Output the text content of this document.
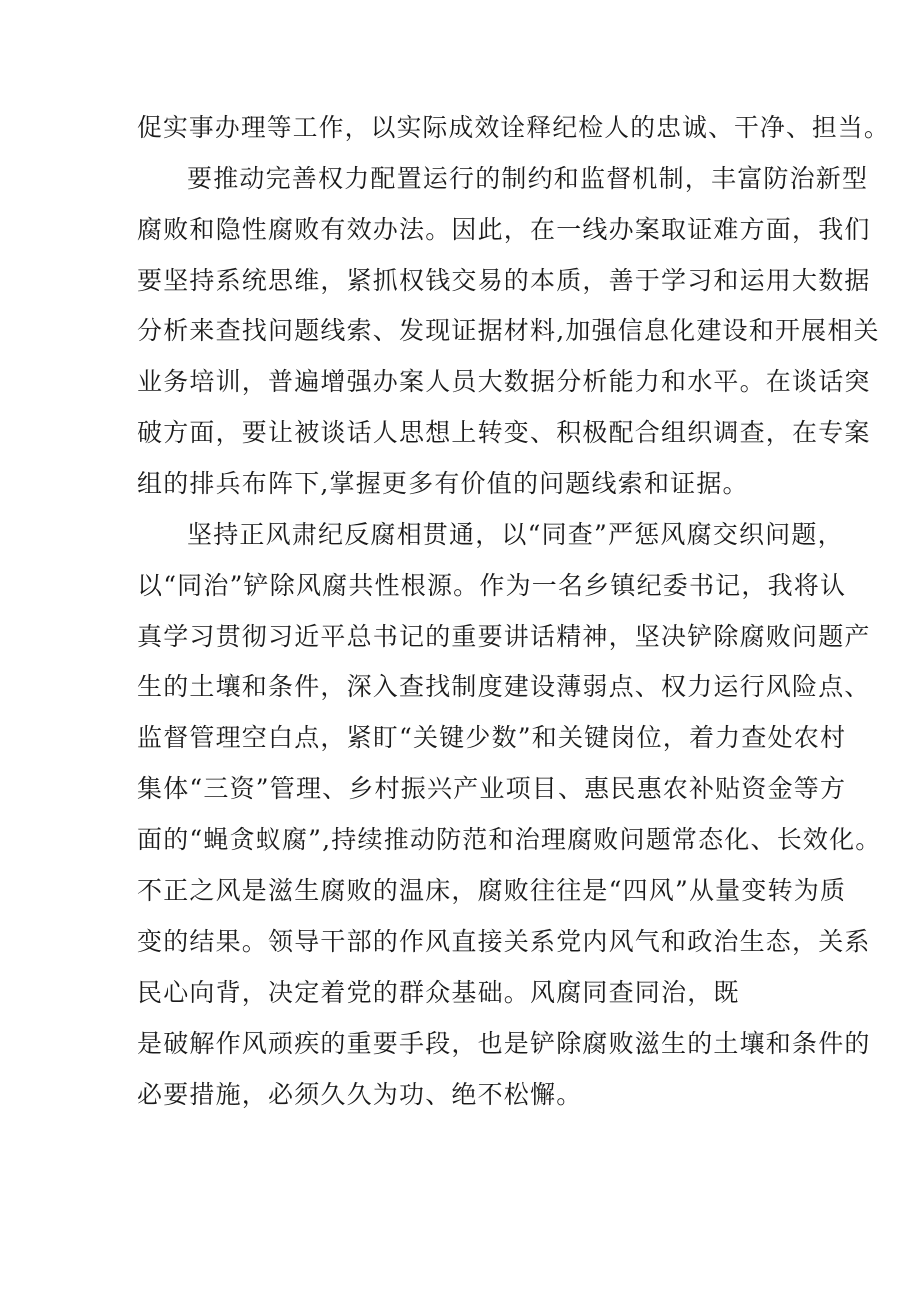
促实事办理等工作，以实际成效诠释纪检人的忠诚、干净、担当。
要推动完善权力配置运行的制约和监督机制，丰富防治新型
腐败和隐性腐败有效办法。因此，在一线办案取证难方面，我们
要坚持系统思维，紧抓权钱交易的本质，善于学习和运用大数据
分析来查找问题线索、发现证据材料,加强信息化建设和开展相关
业务培训，普遍增强办案人员大数据分析能力和水平。在谈话突
破方面，要让被谈话人思想上转变、积极配合组织调查，在专案
组的排兵布阵下,掌握更多有价值的问题线索和证据。
坚持正风肃纪反腐相贯通，以“同查”严惩风腐交织问题，
以“同治”铲除风腐共性根源。作为一名乡镇纪委书记，我将认
真学习贯彻习近平总书记的重要讲话精神，坚决铲除腐败问题产
生的土壤和条件，深入查找制度建设薄弱点、权力运行风险点、
监督管理空白点，紧盯“关键少数”和关键岗位，着力查处农村
集体“三资”管理、乡村振兴产业项目、惠民惠农补贴资金等方
面的“蝇贪蚁腐”,持续推动防范和治理腐败问题常态化、长效化。
不正之风是滋生腐败的温床，腐败往往是“四风”从量变转为质
变的结果。领导干部的作风直接关系党内风气和政治生态，关系
民心向背，决定着党的群众基础。风腐同查同治，既
是破解作风顽疾的重要手段，也是铲除腐败滋生的土壤和条件的
必要措施，必须久久为功、绝不松懈。
